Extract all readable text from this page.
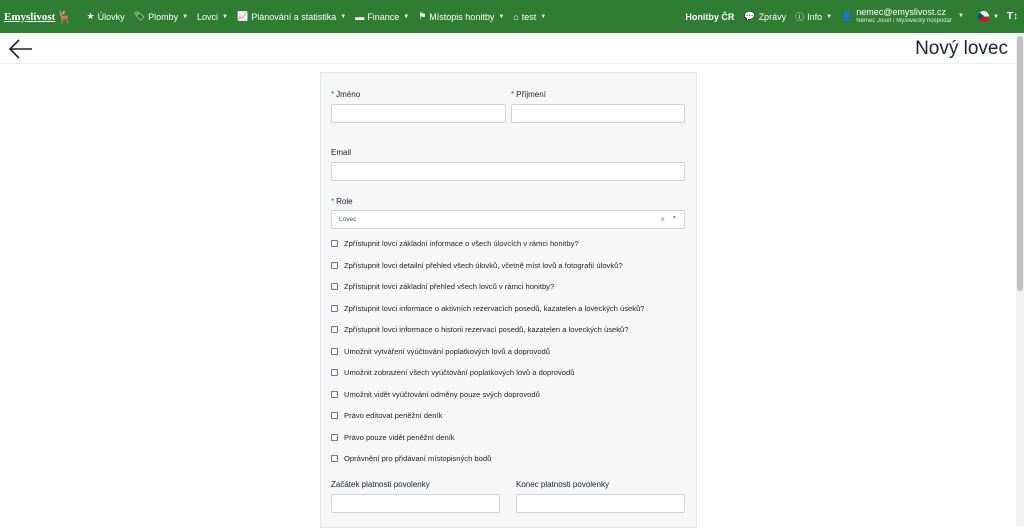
Emyslivost 🦌 ★ Úlovky 🏷 Plomby ▼ Lovci ▼ 📈 Plánování a statistika ▼ ▬ Finance ▼ ⚑ Místopis honitby ▼ ⌂ test ▼	Honitby ČR 💬 Zprávy ⓘ Info ▼ 👤 nemec@emyslivost.cz
Němec Josef / Myslivecký hospodář
▼	▼ T↕
Nový lovec
* Jméno	* Příjmení
Email
* Role
Lovec	× ▼
Zpřístupnit lovci základní informace o všech úlovcích v rámci honitby?
Zpřístupnit lovci detailní přehled všech úlovků, včetně míst lovů a fotografií úlovků?
Zpřístupnit lovci základní přehled všech lovců v rámci honitby?
Zpřístupnit lovci informace o aktivních rezervacích posedů, kazatelen a loveckých úseků?
Zpřístupnit lovci informace o historii rezervací posedů, kazatelen a loveckých úseků?
Umožnit vytváření vyúčtování poplatkových lovů a doprovodů
Umožnit zobrazení všech vyúčtování poplatkových lovů a doprovodů
Umožnit vidět vyúčtování odměny pouze svých doprovodů
Právo editovat peněžní deník
Právo pouze vidět peněžní deník
Oprávnění pro přidávaní místopisných bodů
Začátek platnosti povolenky	Konec platnosti povolenky
